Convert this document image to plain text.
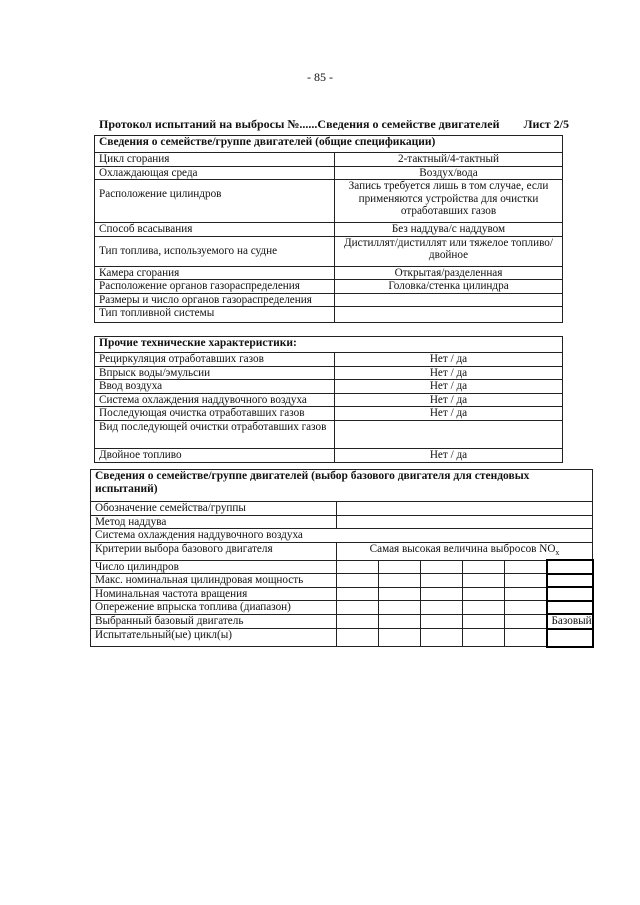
- 85 -
Протокол испытаний на выбросы №......Сведения о семействе двигателей Лист 2/5
Сведения о семействе/группе двигателей (общие спецификации)	
Цикл сгорания	2-тактный/4-тактный
Охлаждающая среда	Воздух/вода
Расположение цилиндров	Запись требуется лишь в том случае, если применяются устройства для очистки отработавших газов
Способ всасывания	Без наддува/с наддувом
Тип топлива, используемого на судне	Дистиллят/дистиллят или тяжелое топливо/двойное
Камера сгорания	Открытая/разделенная
Расположение органов газораспределения	Головка/стенка цилиндра
Размеры и число органов газораспределения	
Тип топливной системы	
Прочие технические характеристики:	
Рециркуляция отработавших газов	Нет / да
Впрыск воды/эмульсии	Нет / да
Ввод воздуха	Нет / да
Система охлаждения наддувочного воздуха	Нет / да
Последующая очистка отработавших газов	Нет / да
Вид последующей очистки отработавших газов	
Двойное топливо	Нет / да
Сведения о семействе/группе двигателей (выбор базового двигателя для стендовых испытаний)						
Обозначение семейства/группы						
Метод наддува						
Система охлаждения наддувочного воздуха						
Критерии выбора базового двигателя	Самая высокая величина выбросов $NO_x$
Число цилиндров						
Макс. номинальная цилиндровая мощность						
Номинальная частота вращения						
Опережение впрыска топлива (диапазон)						
Выбранный базовый двигатель						Базовый
Испытательный(ые) цикл(ы)						
